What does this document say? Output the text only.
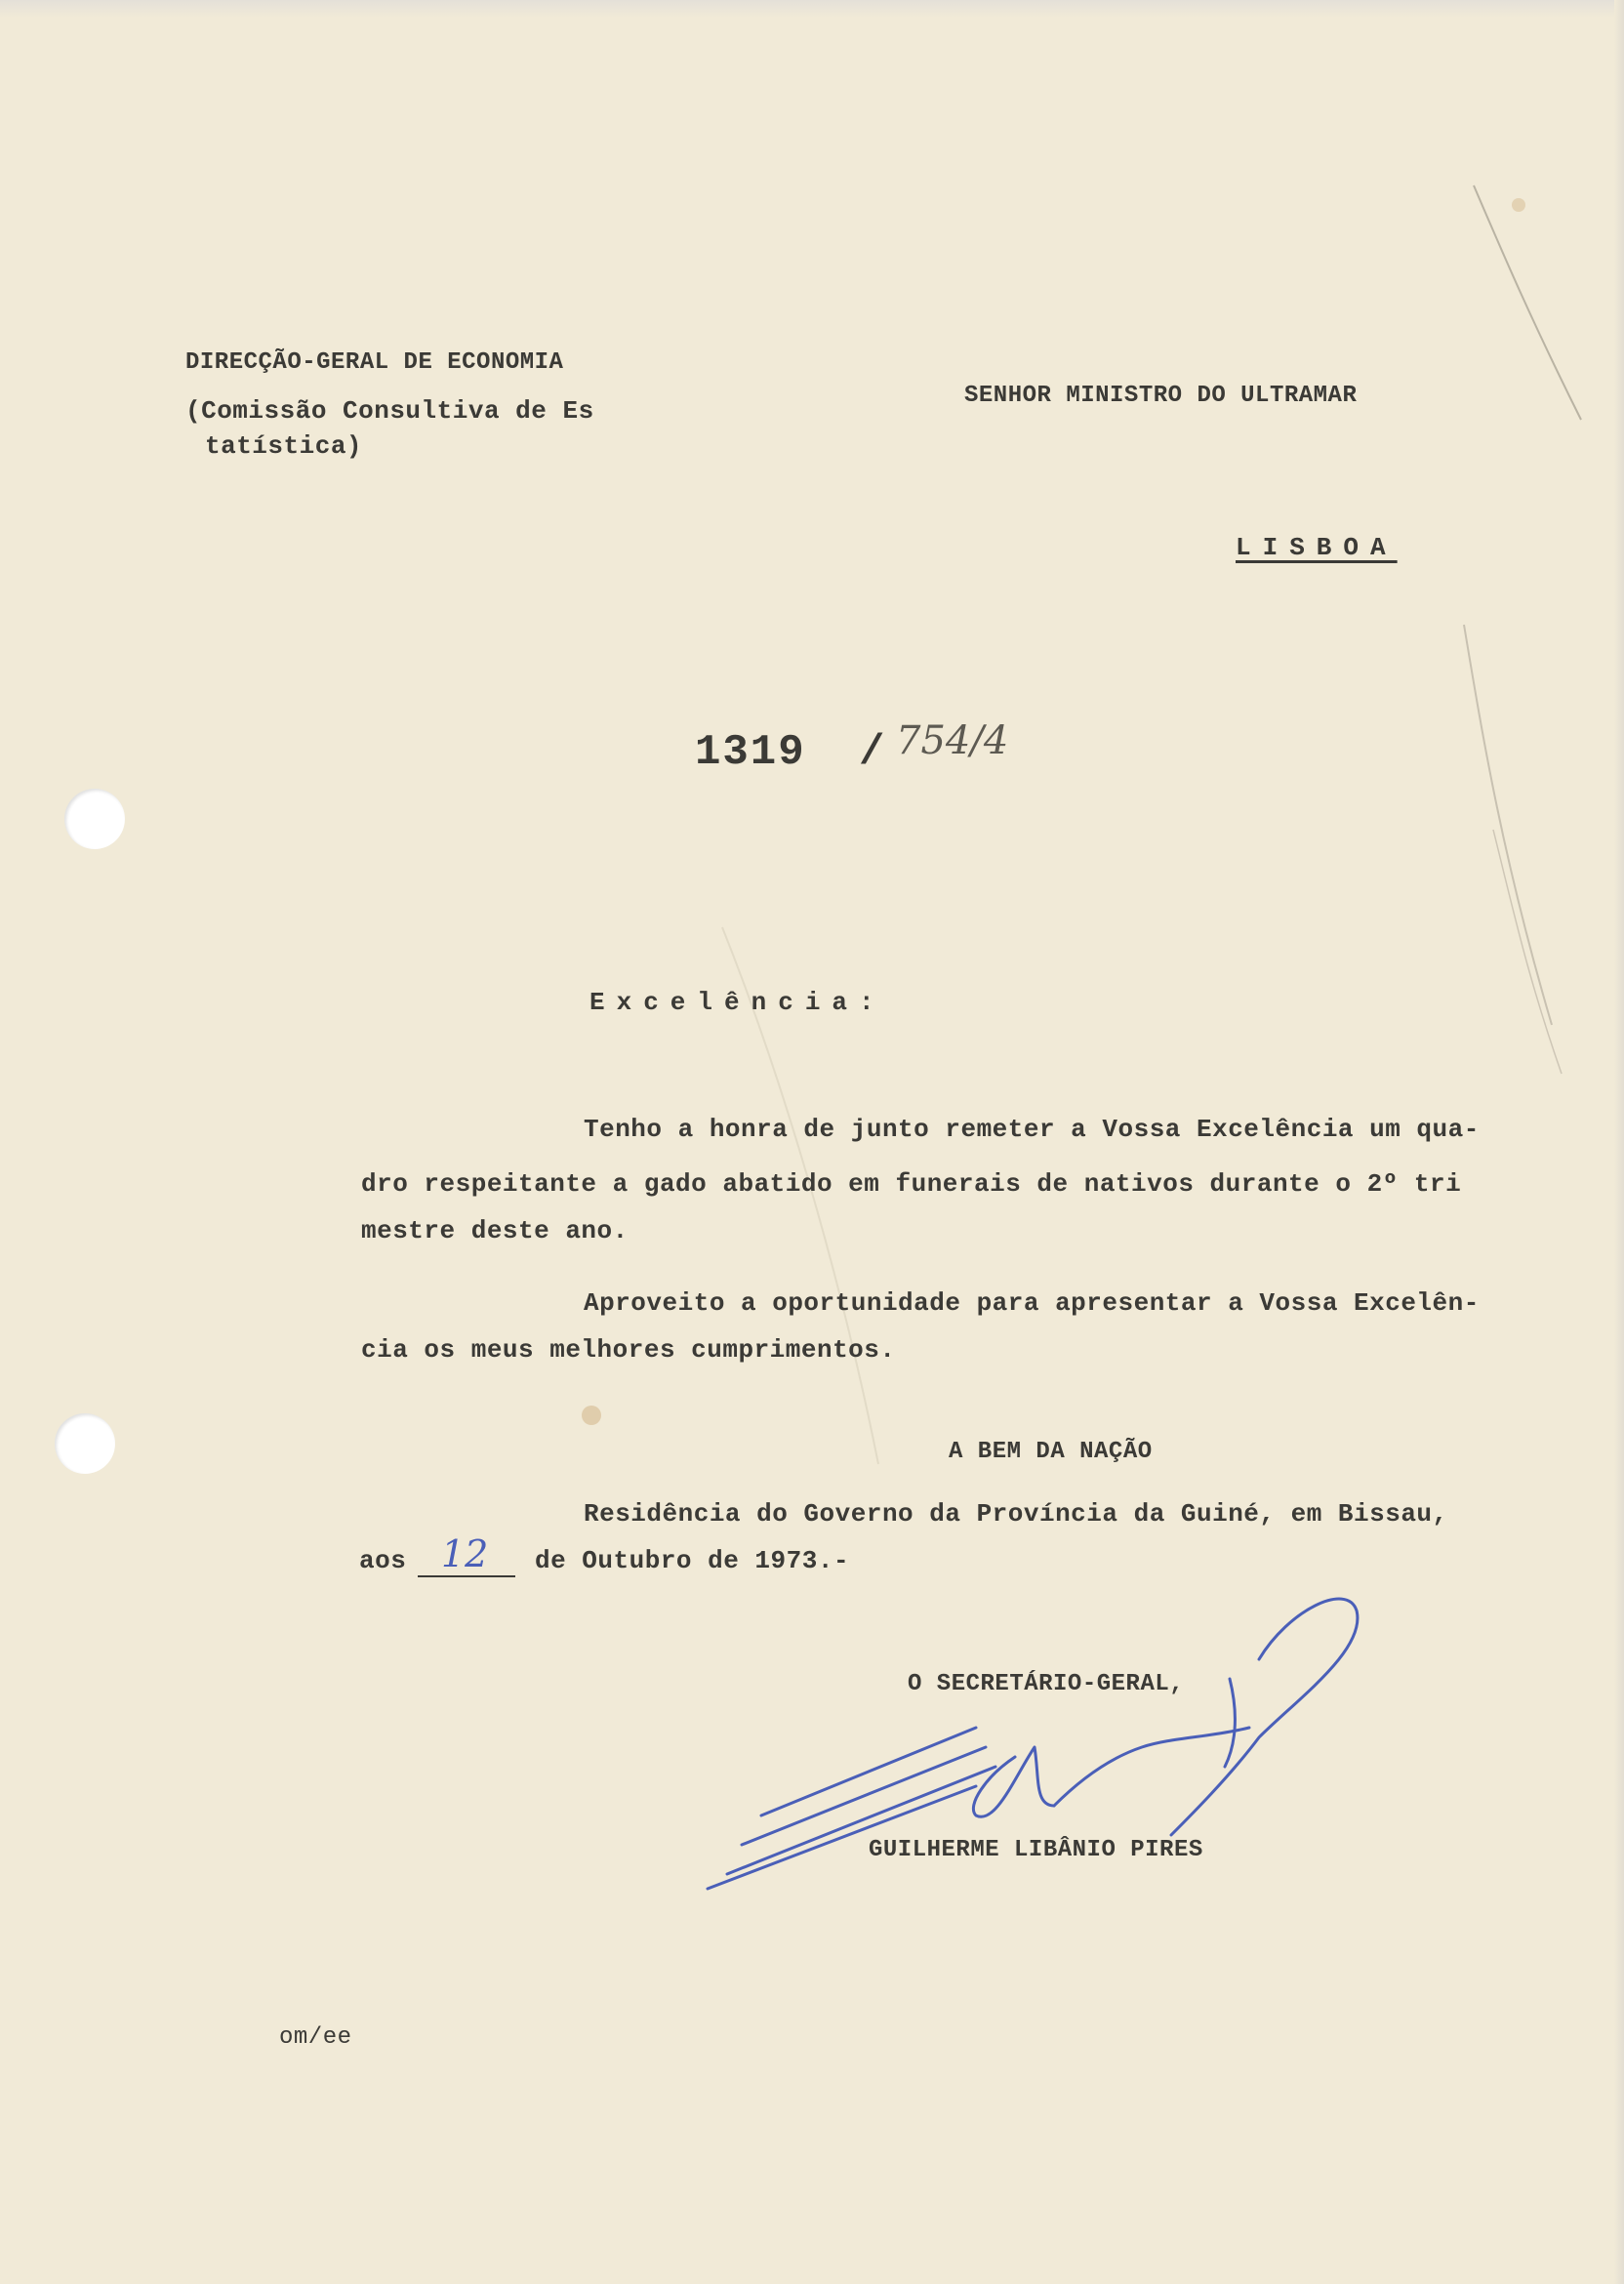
DIRECÇÃO-GERAL DE ECONOMIA
(Comissão Consultiva de Es
tatística)
SENHOR MINISTRO DO ULTRAMAR
LISBOA
1319 / 754/4
Excelência:
Tenho a honra de junto remeter a Vossa Excelência um qua-
dro respeitante a gado abatido em funerais de nativos durante o 2º tri
mestre deste ano.
Aproveito a oportunidade para apresentar a Vossa Excelên-
cia os meus melhores cumprimentos.
A BEM DA NAÇÃO
Residência do Governo da Província da Guiné, em Bissau,
aos 12 de Outubro de 1973.-
O SECRETÁRIO-GERAL,
GUILHERME LIBÂNIO PIRES
om/ee
